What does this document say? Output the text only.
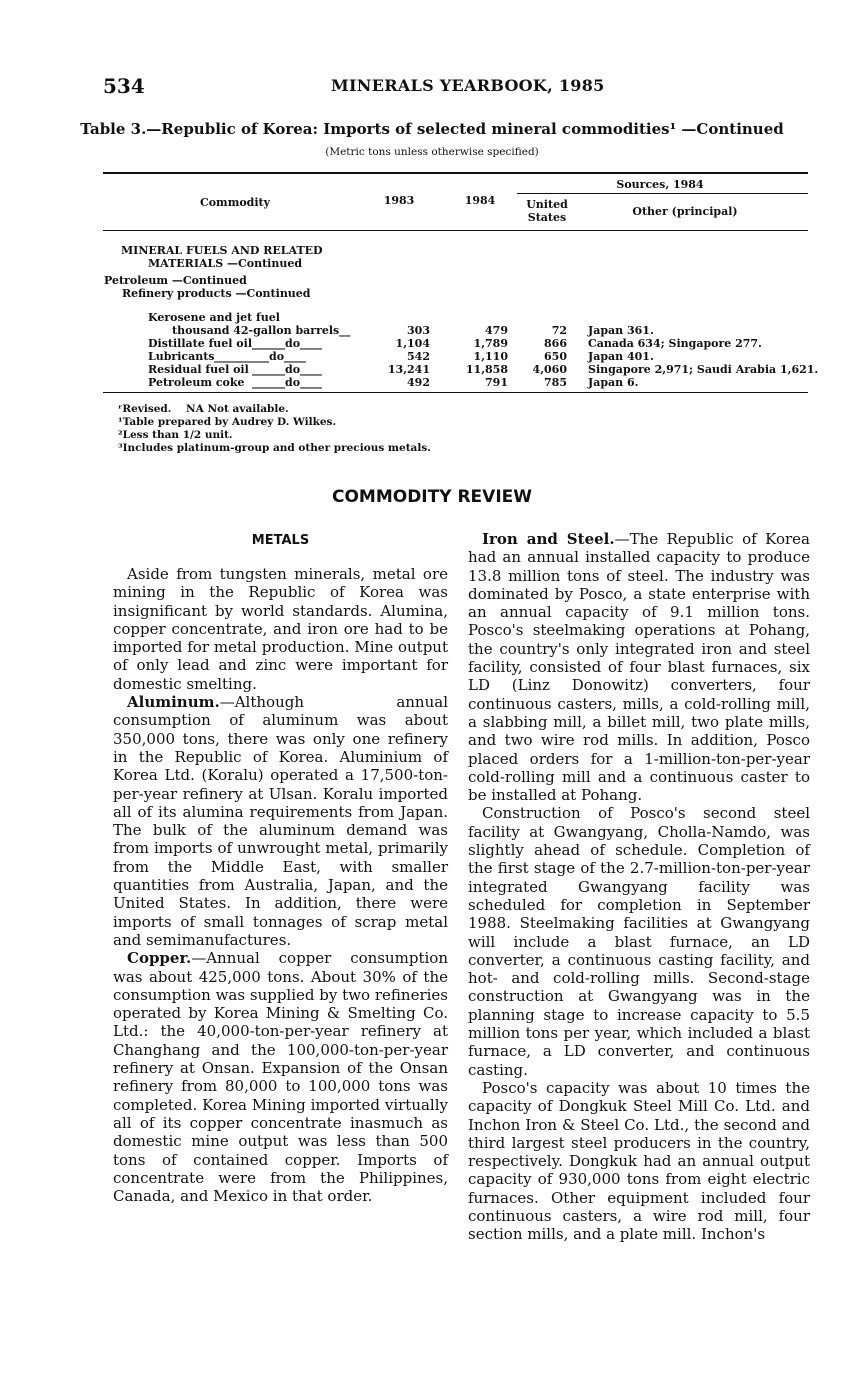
534	MINERALS YEARBOOK, 1985
Table 3.—Republic of Korea: Imports of selected mineral commodities¹ —Continued
(Metric tons unless otherwise specified)
Commodity	1983	1984
Sources, 1984
United States	Other (principal)
MINERAL FUELS AND RELATED
MATERIALS —Continued
Petroleum —Continued
Refinery products —Continued
Kerosene and jet fuel
thousand 42-gallon barrels__	303	479	72 Japan 361.
Distillate fuel oil ______do____	1,104	1,789	866 Canada 634; Singapore 277.
Lubricants __________do____	542	1,110	650 Japan 401.
Residual fuel oil ______do____	13,241	11,858	4,060 Singapore 2,971; Saudi Arabia 1,621.
Petroleum coke ______do____	492	791	785 Japan 6.
ʳRevised.    NA Not available.
¹Table prepared by Audrey D. Wilkes.
²Less than 1/2 unit.
³Includes platinum-group and other precious metals.
COMMODITY REVIEW
METALS

Aside from tungsten minerals, metal ore mining in the Republic of Korea was insignificant by world standards. Alumina, copper concentrate, and iron ore had to be imported for metal production. Mine output of only lead and zinc were important for domestic smelting.

Aluminum.—Although annual consumption of aluminum was about 350,000 tons, there was only one refinery in the Republic of Korea. Aluminium of Korea Ltd. (Koralu) operated a 17,500-ton-per-year refinery at Ulsan. Koralu imported all of its alumina requirements from Japan. The bulk of the aluminum demand was from imports of unwrought metal, primarily from the Middle East, with smaller quantities from Australia, Japan, and the United States. In addition, there were imports of small tonnages of scrap metal and semimanufactures.

Copper.—Annual copper consumption was about 425,000 tons. About 30% of the consumption was supplied by two refineries operated by Korea Mining & Smelting Co. Ltd.: the 40,000-ton-per-year refinery at Changhang and the 100,000-ton-per-year refinery at Onsan. Expansion of the Onsan refinery from 80,000 to 100,000 tons was completed. Korea Mining imported virtually all of its copper concentrate inasmuch as domestic mine output was less than 500 tons of contained copper. Imports of concentrate were from the Philippines, Canada, and Mexico in that order.

Iron and Steel.—The Republic of Korea had an annual installed capacity to produce 13.8 million tons of steel. The industry was dominated by Posco, a state enterprise with an annual capacity of 9.1 million tons. Posco's steelmaking operations at Pohang, the country's only integrated iron and steel facility, consisted of four blast furnaces, six LD (Linz Donowitz) converters, four continuous casters, mills, a cold-rolling mill, a slabbing mill, a billet mill, two plate mills, and two wire rod mills. In addition, Posco placed orders for a 1-million-ton-per-year cold-rolling mill and a continuous caster to be installed at Pohang.

Construction of Posco's second steel facility at Gwangyang, Cholla-Namdo, was slightly ahead of schedule. Completion of the first stage of the 2.7-million-ton-per-year integrated Gwangyang facility was scheduled for completion in September 1988. Steelmaking facilities at Gwangyang will include a blast furnace, an LD converter, a continuous casting facility, and hot- and cold-rolling mills. Second-stage construction at Gwangyang was in the planning stage to increase capacity to 5.5 million tons per year, which included a blast furnace, a LD converter, and continuous casting.

Posco's capacity was about 10 times the capacity of Dongkuk Steel Mill Co. Ltd. and Inchon Iron & Steel Co. Ltd., the second and third largest steel producers in the country, respectively. Dongkuk had an annual output capacity of 930,000 tons from eight electric furnaces. Other equipment included four continuous casters, a wire rod mill, four section mills, and a plate mill. Inchon's
